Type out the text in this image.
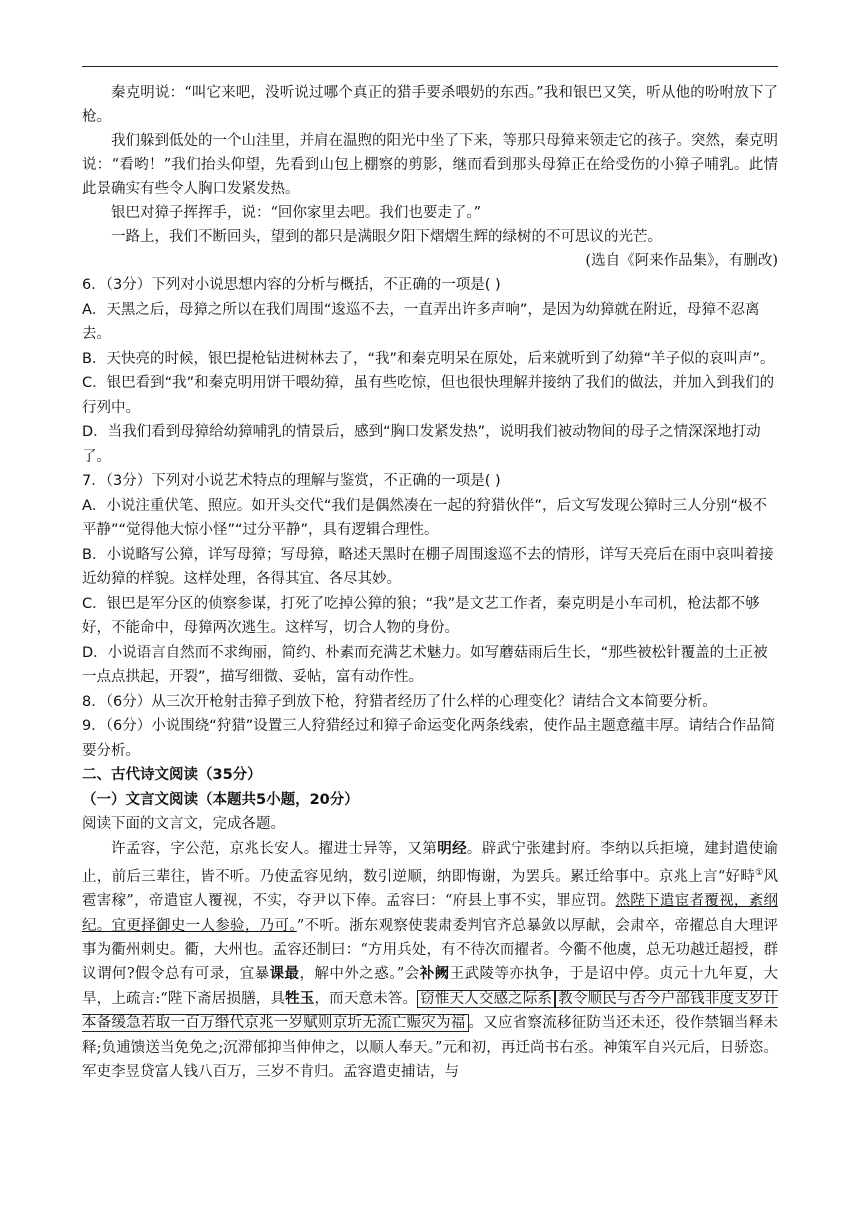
秦克明说：“叫它来吧，没听说过哪个真正的猎手要杀喂奶的东西。”我和银巴又笑，听从他的吩咐放下了枪。

我们躲到低处的一个山洼里，并肩在温煦的阳光中坐了下来，等那只母獐来领走它的孩子。突然，秦克明说：“看哟！”我们抬头仰望，先看到山包上棚察的剪影，继而看到那头母獐正在给受伤的小獐子哺乳。此情此景确实有些令人胸口发紧发热。

银巴对獐子挥挥手，说：“回你家里去吧。我们也要走了。”

一路上，我们不断回头，望到的都只是满眼夕阳下熠熠生辉的绿树的不可思议的光芒。

(选自《阿来作品集》，有删改)

6．（3分）下列对小说思想内容的分析与概括，不正确的一项是( )

A．天黑之后，母獐之所以在我们周围“逡巡不去，一直弄出许多声响”，是因为幼獐就在附近，母獐不忍离去。

B．天快亮的时候，银巴提枪钻进树林去了，“我”和秦克明呆在原处，后来就听到了幼獐“羊子似的哀叫声”。

C．银巴看到“我”和秦克明用饼干喂幼獐，虽有些吃惊，但也很快理解并接纳了我们的做法，并加入到我们的行列中。

D．当我们看到母獐给幼獐哺乳的情景后，感到“胸口发紧发热”，说明我们被动物间的母子之情深深地打动了。

7．（3分）下列对小说艺术特点的理解与鉴赏，不正确的一项是( )

A．小说注重伏笔、照应。如开头交代“我们是偶然凑在一起的狩猎伙伴”，后文写发现公獐时三人分别“极不平静”“觉得他大惊小怪”“过分平静”，具有逻辑合理性。

B．小说略写公獐，详写母獐；写母獐，略述天黑时在棚子周围逡巡不去的情形，详写天亮后在雨中哀叫着接近幼獐的样貌。这样处理，各得其宜、各尽其妙。

C．银巴是军分区的侦察参谋，打死了吃掉公獐的狼；“我”是文艺工作者，秦克明是小车司机，枪法都不够好，不能命中，母獐两次逃生。这样写，切合人物的身份。

D．小说语言自然而不求绚丽，简约、朴素而充满艺术魅力。如写蘑菇雨后生长，“那些被松针覆盖的土正被一点点拱起，开裂”，描写细微、妥帖，富有动作性。

8．（6分）从三次开枪射击獐子到放下枪，狩猎者经历了什么样的心理变化？请结合文本简要分析。

9．（6分）小说围绕“狩猎”设置三人狩猎经过和獐子命运变化两条线索，使作品主题意蕴丰厚。请结合作品简要分析。

二、古代诗文阅读（35分）

（一）文言文阅读（本题共5小题，20分）

阅读下面的文言文，完成各题。

许孟容，字公范，京兆长安人。擢进士异等，又第明经。辟武宁张建封府。李纳以兵拒境，建封遣使谕止，前后三辈往，皆不听。乃使孟容见纳，数引逆顺，纳即悔谢，为罢兵。累迁给事中。京兆上言“好畤①风雹害稼”，帝遣宦人覆视，不实，夺尹以下俸。孟容曰：“府县上事不实，罪应罚。然陛下遣宦者覆视，紊纲纪。宜更择御史一人参验，乃可。”不听。浙东观察使裴肃委判官齐总暴敛以厚献，会肃卒，帝擢总自大理评事为衢州刺史。衢，大州也。孟容还制曰：“方用兵处，有不待次而擢者。今衢不他虞，总无功越迁超授，群议谓何?假令总有可录，宜暴课最，解中外之惑。”会补阙王武陵等亦执争，于是诏中停。贞元十九年夏，大旱，上疏言:“陛下斋居损膳，具牲玉，而天意未答。 窃惟天人交感之际系 教令顺民与否今户部钱非度支岁计本备缓急若取一百万缗代京兆一岁赋则京圻无流亡赈灾为福 。又应省察流移征防当还未还，役作禁锢当释未释;负逋馈送当免免之;沉滞郁抑当伸伸之，以顺人奉天。”元和初，再迁尚书右丞。神策军自兴元后，日骄恣。军吏李昱贷富人钱八百万，三岁不肯归。孟容遣吏捕诘，与
